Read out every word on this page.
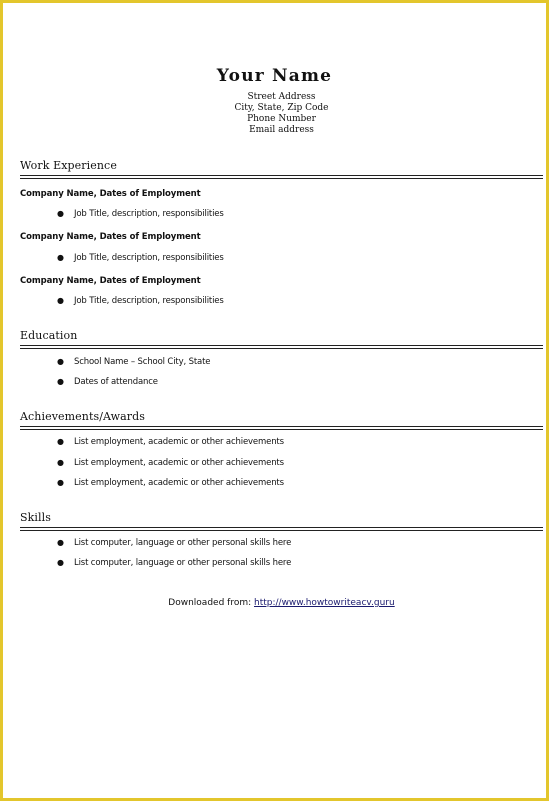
Your Name
Street Address
City, State, Zip Code
Phone Number
Email address
Work Experience
Company Name, Dates of Employment
● Job Title, description, responsibilities
Company Name, Dates of Employment
● Job Title, description, responsibilities
Company Name, Dates of Employment
● Job Title, description, responsibilities
Education
● School Name – School City, State
● Dates of attendance
Achievements/Awards
● List employment, academic or other achievements
● List employment, academic or other achievements
● List employment, academic or other achievements
Skills
● List computer, language or other personal skills here
● List computer, language or other personal skills here
Downloaded from: http://www.howtowriteacv.guru
